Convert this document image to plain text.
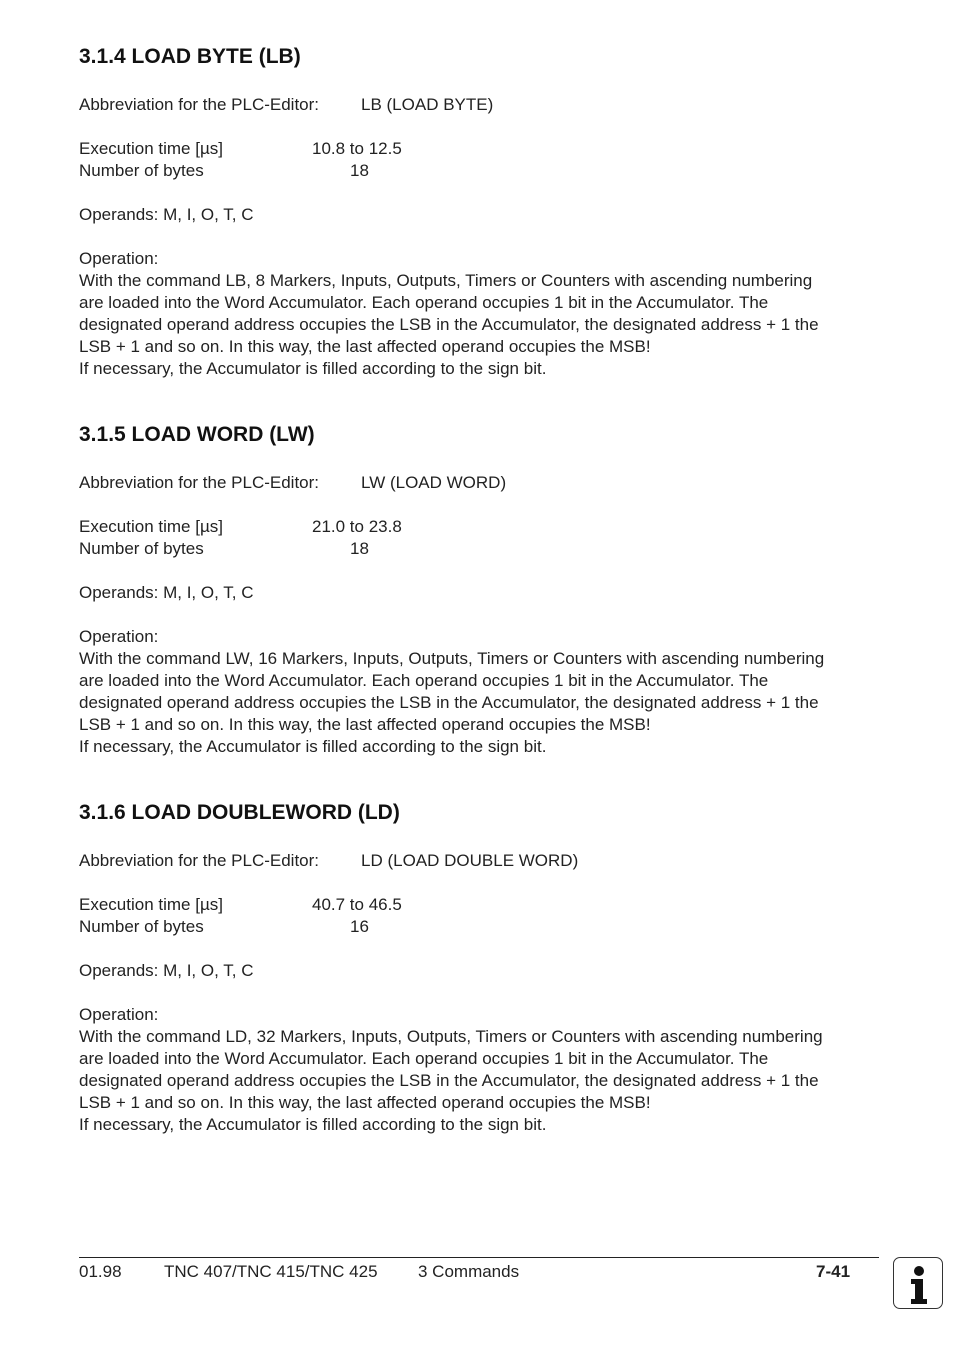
3.1.4 LOAD BYTE (LB)
Abbreviation for the PLC-Editor: LB (LOAD BYTE)
Execution time [µs]	10.8 to 12.5
Number of bytes	18
Operands: M, I, O, T, C
Operation:
With the command LB, 8 Markers, Inputs, Outputs, Timers or Counters with ascending numbering
are loaded into the Word Accumulator. Each operand occupies 1 bit in the Accumulator. The
designated operand address occupies the LSB in the Accumulator, the designated address + 1 the
LSB + 1 and so on. In this way, the last affected operand occupies the MSB!
If necessary, the Accumulator is filled according to the sign bit.
3.1.5 LOAD WORD (LW)
Abbreviation for the PLC-Editor: LW (LOAD WORD)
Execution time [µs]	21.0 to 23.8
Number of bytes	18
Operands: M, I, O, T, C
Operation:
With the command LW, 16 Markers, Inputs, Outputs, Timers or Counters with ascending numbering
are loaded into the Word Accumulator. Each operand occupies 1 bit in the Accumulator. The
designated operand address occupies the LSB in the Accumulator, the designated address + 1 the
LSB + 1 and so on. In this way, the last affected operand occupies the MSB!
If necessary, the Accumulator is filled according to the sign bit.
3.1.6 LOAD DOUBLEWORD (LD)
Abbreviation for the PLC-Editor: LD (LOAD DOUBLE WORD)
Execution time [µs]	40.7 to 46.5
Number of bytes	16
Operands: M, I, O, T, C
Operation:
With the command LD, 32 Markers, Inputs, Outputs, Timers or Counters with ascending numbering
are loaded into the Word Accumulator. Each operand occupies 1 bit in the Accumulator. The
designated operand address occupies the LSB in the Accumulator, the designated address + 1 the
LSB + 1 and so on. In this way, the last affected operand occupies the MSB!
If necessary, the Accumulator is filled according to the sign bit.
01.98 TNC 407/TNC 415/TNC 425 3 Commands	7-41
